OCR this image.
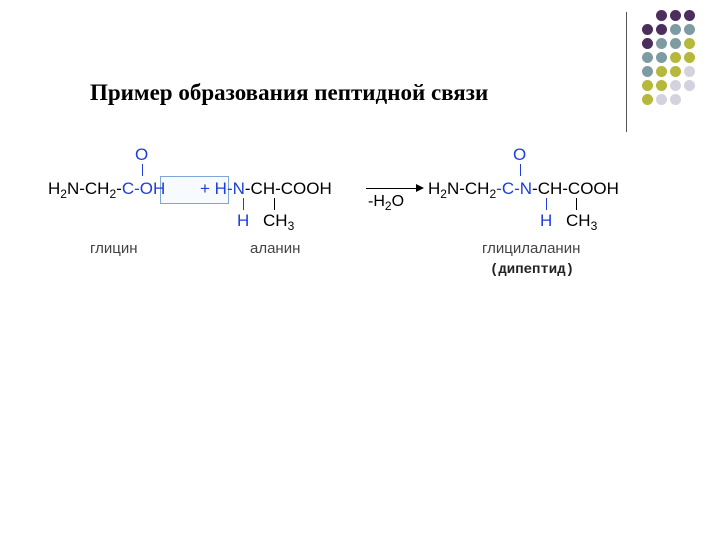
Пример образования пептидной связи
O
$H_2N-CH_2-C-OH$ + H-N-CH-COOH
H $CH_3$
$-H_2O$
O
$H_2N-CH_2-C-N-CH$-COOH
H $CH_3$
глицин	аланин	глицилаланин
(дипептид)
